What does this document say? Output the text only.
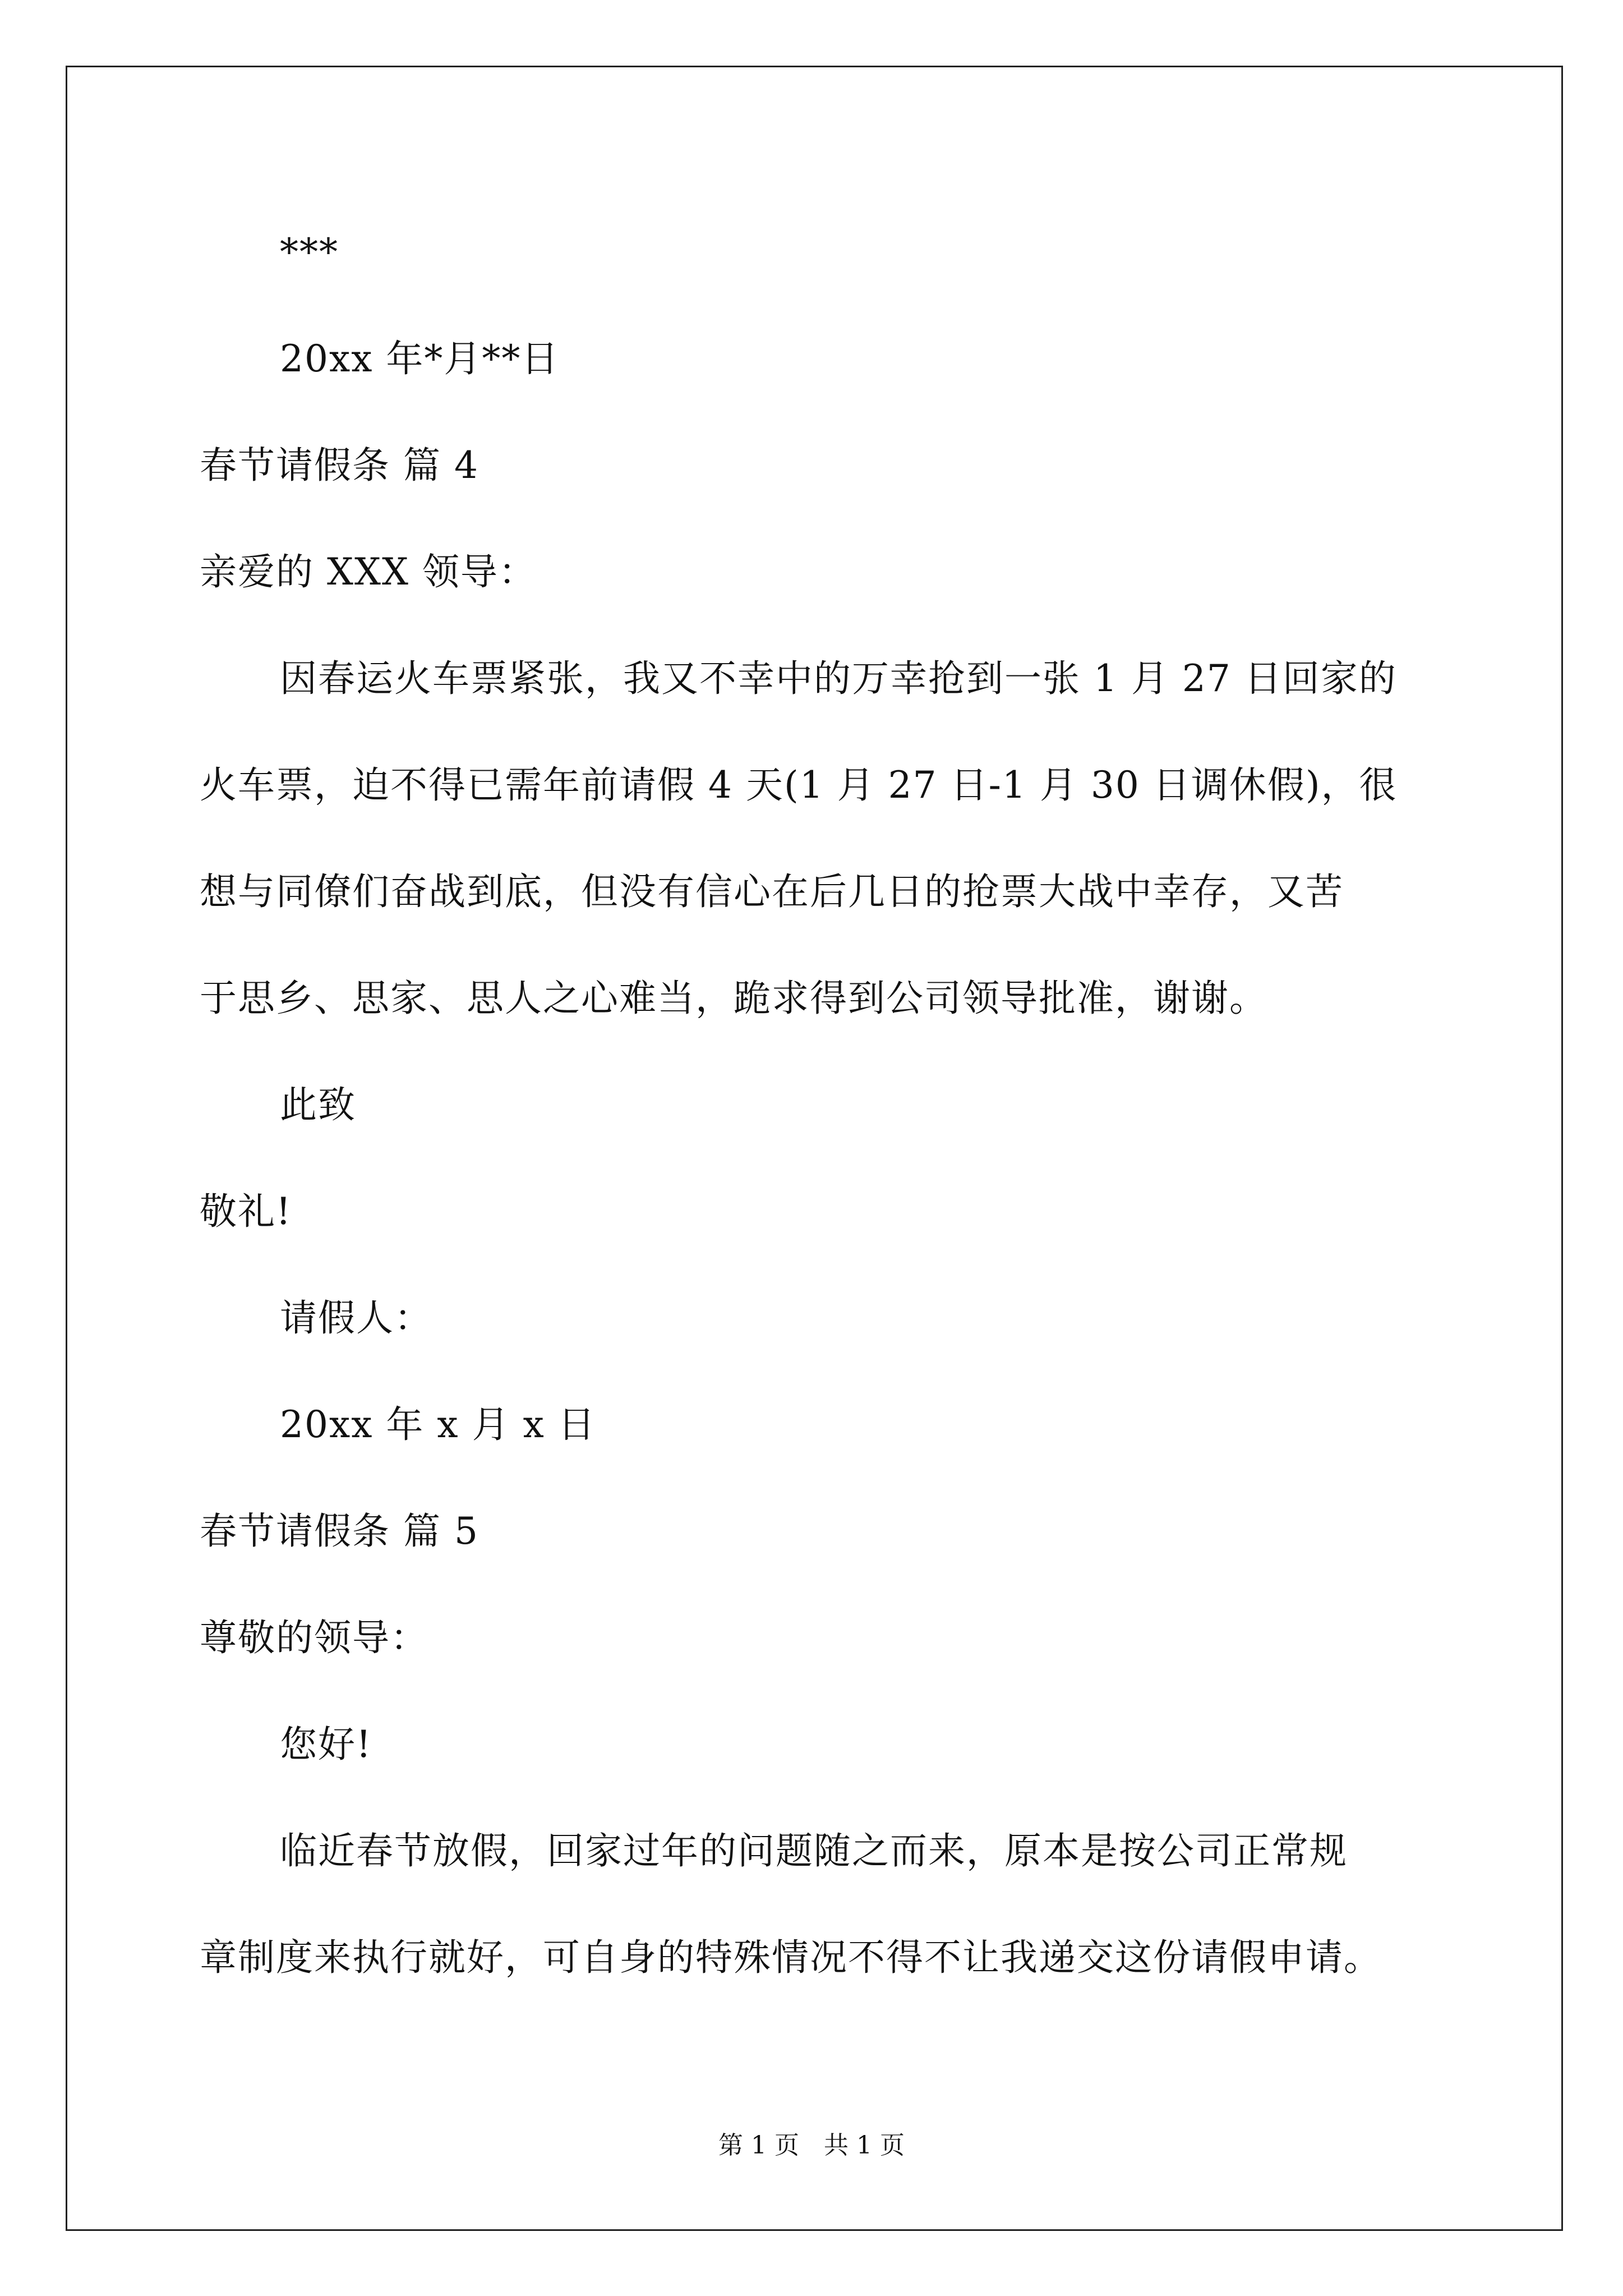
***
20xx 年*月**日
春节请假条 篇 4
亲爱的 XXX 领导：
因春运火车票紧张，我又不幸中的万幸抢到一张 1 月 27 日回家的
火车票，迫不得已需年前请假 4 天(1 月 27 日-1 月 30 日调休假)，很
想与同僚们奋战到底，但没有信心在后几日的抢票大战中幸存，又苦
于思乡、思家、思人之心难当，跪求得到公司领导批准，谢谢。
此致
敬礼!
请假人：
20xx 年 x 月 x 日
春节请假条 篇 5
尊敬的领导：
您好!
临近春节放假，回家过年的问题随之而来，原本是按公司正常规
章制度来执行就好，可自身的特殊情况不得不让我递交这份请假申请。
第 1 页　共 1 页
